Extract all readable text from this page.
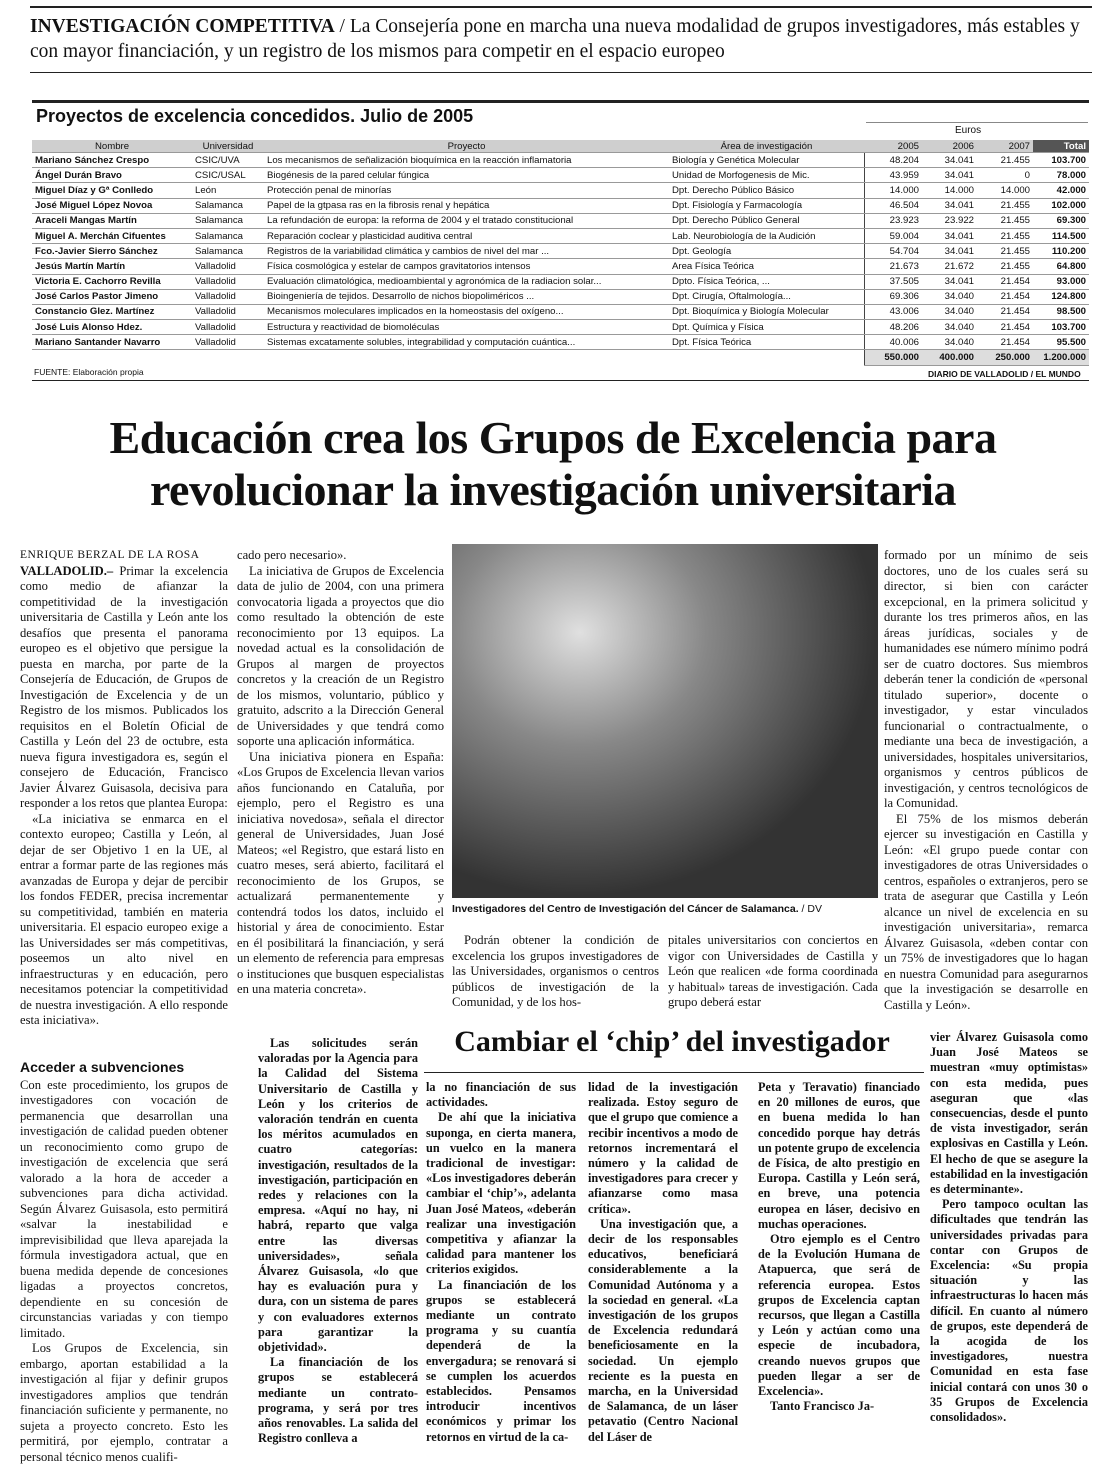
INVESTIGACIÓN COMPETITIVA / La Consejería pone en marcha una nueva modalidad de grupos investigadores, más estables y con mayor financiación, y un registro de los mismos para competir en el espacio europeo
Proyectos de excelencia concedidos. Julio de 2005
Euros
Nombre	Universidad	Proyecto	Área de investigación	2005	2006	2007	Total
Mariano Sánchez Crespo	CSIC/UVA	Los mecanismos de señalización bioquímica en la reacción inflamatoria	Biología y Genética Molecular	48.204	34.041	21.455	103.700
Ángel Durán Bravo	CSIC/USAL	Biogénesis de la pared celular fúngica	Unidad de Morfogenesis de Mic.	43.959	34.041	0	78.000
Miguel Díaz y Gª Conlledo	León	Protección penal de minorías	Dpt. Derecho Público Básico	14.000	14.000	14.000	42.000
José Miguel López Novoa	Salamanca	Papel de la gtpasa ras en la fibrosis renal y hepática	Dpt. Fisiología y Farmacología	46.504	34.041	21.455	102.000
Araceli Mangas Martín	Salamanca	La refundación de europa: la reforma de 2004 y el tratado constitucional	Dpt. Derecho Público General	23.923	23.922	21.455	69.300
Miguel A. Merchán Cifuentes	Salamanca	Reparación coclear y plasticidad auditiva central	Lab. Neurobiología de la Audición	59.004	34.041	21.455	114.500
Fco.-Javier Sierro Sánchez	Salamanca	Registros de la variabilidad climática y cambios de nivel del mar ...	Dpt. Geología	54.704	34.041	21.455	110.200
Jesús Martín Martín	Valladolid	Física cosmológica y estelar de campos gravitatorios intensos	Area Física Teórica	21.673	21.672	21.455	64.800
Victoria E. Cachorro Revilla	Valladolid	Evaluación climatológica, medioambiental y agronómica de la radiacion solar...	Dpto. Física Teórica, ...	37.505	34.041	21.454	93.000
José Carlos Pastor Jimeno	Valladolid	Bioingeniería de tejidos. Desarrollo de nichos biopoliméricos ...	Dpt. Cirugía, Oftalmología...	69.306	34.040	21.454	124.800
Constancio Glez. Martínez	Valladolid	Mecanismos moleculares implicados en la homeostasis del oxígeno...	Dpt. Bioquímica y Biología Molecular	43.006	34.040	21.454	98.500
José Luis Alonso Hdez.	Valladolid	Estructura y reactividad de biomoléculas	Dpt. Química y Física	48.206	34.040	21.454	103.700
Mariano Santander Navarro	Valladolid	Sistemas excatamente solubles, integrabilidad y computación cuántica...	Dpt. Física Teórica	40.006	34.040	21.454	95.500
				550.000	400.000	250.000	1.200.000
FUENTE: Elaboración propia	DIARIO DE VALLADOLID / EL MUNDO
Educación crea los Grupos de Excelencia para
revolucionar la investigación universitaria

ENRIQUE BERZAL DE LA ROSA

VALLADOLID.– Primar la excelencia como medio de afianzar la competitividad de la investigación universitaria de Castilla y León ante los desafíos que presenta el panorama europeo es el objetivo que persigue la puesta en marcha, por parte de la Consejería de Educación, de Grupos de Investigación de Excelencia y de un Registro de los mismos. Publicados los requisitos en el Boletín Oficial de Castilla y León del 23 de octubre, esta nueva figura investigadora es, según el consejero de Educación, Francisco Javier Álvarez Guisasola, decisiva para responder a los retos que plantea Europa:

«La iniciativa se enmarca en el contexto europeo; Castilla y León, al dejar de ser Objetivo 1 en la UE, al entrar a formar parte de las regiones más avanzadas de Europa y dejar de percibir los fondos FEDER, precisa incrementar su competitividad, también en materia universitaria. El espacio europeo exige a las Universidades ser más competitivas, poseemos un alto nivel en infraestructuras y en educación, pero necesitamos potenciar la competitividad de nuestra investigación. A ello responde esta iniciativa».

Acceder a subvenciones

Con este procedimiento, los grupos de investigadores con vocación de permanencia que desarrollan una investigación de calidad pueden obtener un reconocimiento como grupo de investigación de excelencia que será valorado a la hora de acceder a subvenciones para dicha actividad. Según Álvarez Guisasola, esto permitirá «salvar la inestabilidad e imprevisibilidad que lleva aparejada la fórmula investigadora actual, que en buena medida depende de concesiones ligadas a proyectos concretos, dependiente en su concesión de circunstancias variadas y con tiempo limitado.

Los Grupos de Excelencia, sin embargo, aportan estabilidad a la investigación al fijar y definir grupos investigadores amplios que tendrán financiación suficiente y permanente, no sujeta a proyecto concreto. Esto les permitirá, por ejemplo, contratar a personal técnico menos cualifi-

cado pero necesario».

La iniciativa de Grupos de Excelencia data de julio de 2004, con una primera convocatoria ligada a proyectos que dio como resultado la obtención de este reconocimiento por 13 equipos. La novedad actual es la consolidación de Grupos al margen de proyectos concretos y la creación de un Registro de los mismos, voluntario, público y gratuito, adscrito a la Dirección General de Universidades y que tendrá como soporte una aplicación informática.

Una iniciativa pionera en España: «Los Grupos de Excelencia llevan varios años funcionando en Cataluña, por ejemplo, pero el Registro es una iniciativa novedosa», señala el director general de Universidades, Juan José Mateos; «el Registro, que estará listo en cuatro meses, será abierto, facilitará el reconocimiento de los Grupos, se actualizará permanentemente y contendrá todos los datos, incluido el historial y área de conocimiento. Estar en él posibilitará la financiación, y será un elemento de referencia para empresas o instituciones que busquen especialistas en una materia concreta».

Investigadores del Centro de Investigación del Cáncer de Salamanca. / DV

Podrán obtener la condición de excelencia los grupos investigadores de las Universidades, organismos o centros públicos de investigación de la Comunidad, y de los hos-

pitales universitarios con conciertos en vigor con Universidades de Castilla y León que realicen «de forma coordinada y habitual» tareas de investigación. Cada grupo deberá estar

formado por un mínimo de seis doctores, uno de los cuales será su director, si bien con carácter excepcional, en la primera solicitud y durante los tres primeros años, en las áreas jurídicas, sociales y de humanidades ese número mínimo podrá ser de cuatro doctores. Sus miembros deberán tener la condición de «personal titulado superior», docente o investigador, y estar vinculados funcionarial o contractualmente, o mediante una beca de investigación, a universidades, hospitales universitarios, organismos y centros públicos de investigación, y centros tecnológicos de la Comunidad.

El 75% de los mismos deberán ejercer su investigación en Castilla y León: «El grupo puede contar con investigadores de otras Universidades o centros, españoles o extranjeros, pero se trata de asegurar que Castilla y León alcance un nivel de excelencia en su investigación universitaria», remarca Álvarez Guisasola, «deben contar con un 75% de investigadores que lo hagan en nuestra Comunidad para asegurarnos que la investigación se desarrolle en Castilla y León».

Las solicitudes serán valoradas por la Agencia para la Calidad del Sistema Universitario de Castilla y León y los criterios de valoración tendrán en cuenta los méritos acumulados en cuatro categorías: investigación, resultados de la investigación, participación en redes y relaciones con la empresa. «Aquí no hay, ni habrá, reparto que valga entre las diversas universidades», señala Álvarez Guisasola, «lo que hay es evaluación pura y dura, con un sistema de pares y con evaluadores externos para garantizar la objetividad».

La financiación de los grupos se establecerá mediante un contrato-programa, y será por tres años renovables. La salida del Registro conlleva a

Cambiar el ‘chip’ del investigador

la no financiación de sus actividades.

De ahí que la iniciativa suponga, en cierta manera, un vuelco en la manera tradicional de investigar: «Los investigadores deberán cambiar el ‘chip’», adelanta Juan José Mateos, «deberán realizar una investigación competitiva y afianzar la calidad para mantener los criterios exigidos.

La financiación de los grupos se establecerá mediante un contrato programa y su cuantía dependerá de la envergadura; se renovará si se cumplen los acuerdos establecidos. Pensamos introducir incentivos económicos y primar los retornos en virtud de la ca-

lidad de la investigación realizada. Estoy seguro de que el grupo que comience a recibir incentivos a modo de retornos incrementará el número y la calidad de investigadores para crecer y afianzarse como masa crítica».

Una investigación que, a decir de los responsables educativos, beneficiará considerablemente a la Comunidad Autónoma y a la sociedad en general. «La investigación de los grupos de Excelencia redundará beneficiosamente en la sociedad. Un ejemplo reciente es la puesta en marcha, en la Universidad de Salamanca, de un láser petavatio (Centro Nacional del Láser de

Peta y Teravatio) financiado en 20 millones de euros, que en buena medida lo han concedido porque hay detrás un potente grupo de excelencia de Física, de alto prestigio en Europa. Castilla y León será, en breve, una potencia europea en láser, decisivo en muchas operaciones.

Otro ejemplo es el Centro de la Evolución Humana de Atapuerca, que será de referencia europea. Estos grupos de Excelencia captan recursos, que llegan a Castilla y León y actúan como una especie de incubadora, creando nuevos grupos que pueden llegar a ser de Excelencia».

Tanto Francisco Ja-

vier Álvarez Guisasola como Juan José Mateos se muestran «muy optimistas» con esta medida, pues aseguran que «las consecuencias, desde el punto de vista investigador, serán explosivas en Castilla y León. El hecho de que se asegure la estabilidad en la investigación es determinante».

Pero tampoco ocultan las dificultades que tendrán las universidades privadas para contar con Grupos de Excelencia: «Su propia situación y las infraestructuras lo hacen más difícil. En cuanto al número de grupos, este dependerá de la acogida de los investigadores, nuestra Comunidad en esta fase inicial contará con unos 30 o 35 Grupos de Excelencia consolidados».
